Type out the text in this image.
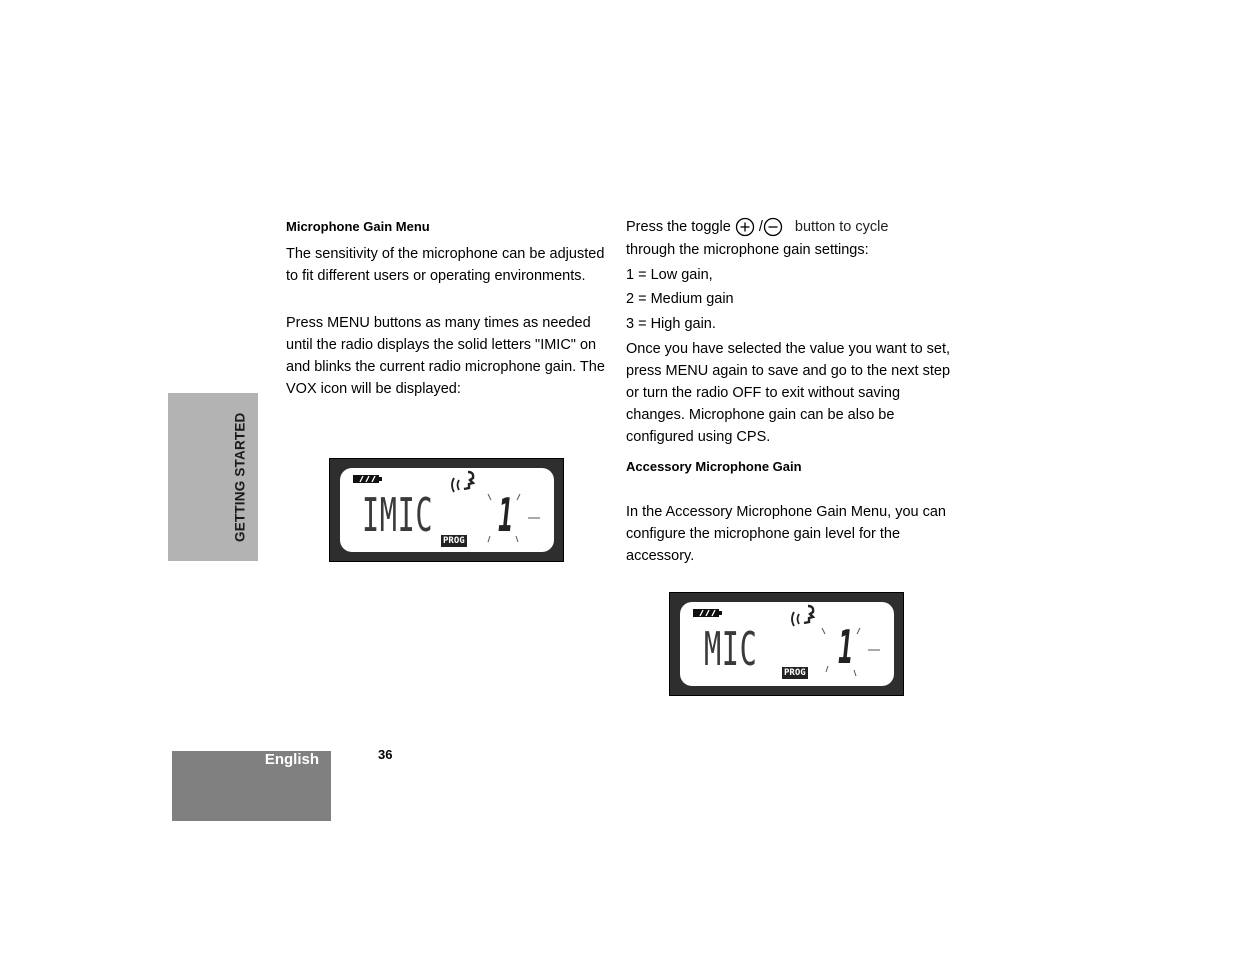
GETTING STARTED
Microphone Gain Menu

The sensitivity of the microphone can be adjusted to fit different users or operating environments.

Press MENU buttons as many times as needed until the radio displays the solid letters "IMIC" on and blinks the current radio microphone gain. The VOX icon will be displayed:

IMIC PROG 1
Press the toggle / button to cycle

through the microphone gain settings:

1 = Low gain,

2 = Medium gain

3 = High gain.

Once you have selected the value you want to set, press MENU again to save and go to the next step or turn the radio OFF to exit without saving changes. Microphone gain can be also be configured using CPS.

Accessory Microphone Gain

In the Accessory Microphone Gain Menu, you can configure the microphone gain level for the accessory.

MIC	PROG 1
English	36
